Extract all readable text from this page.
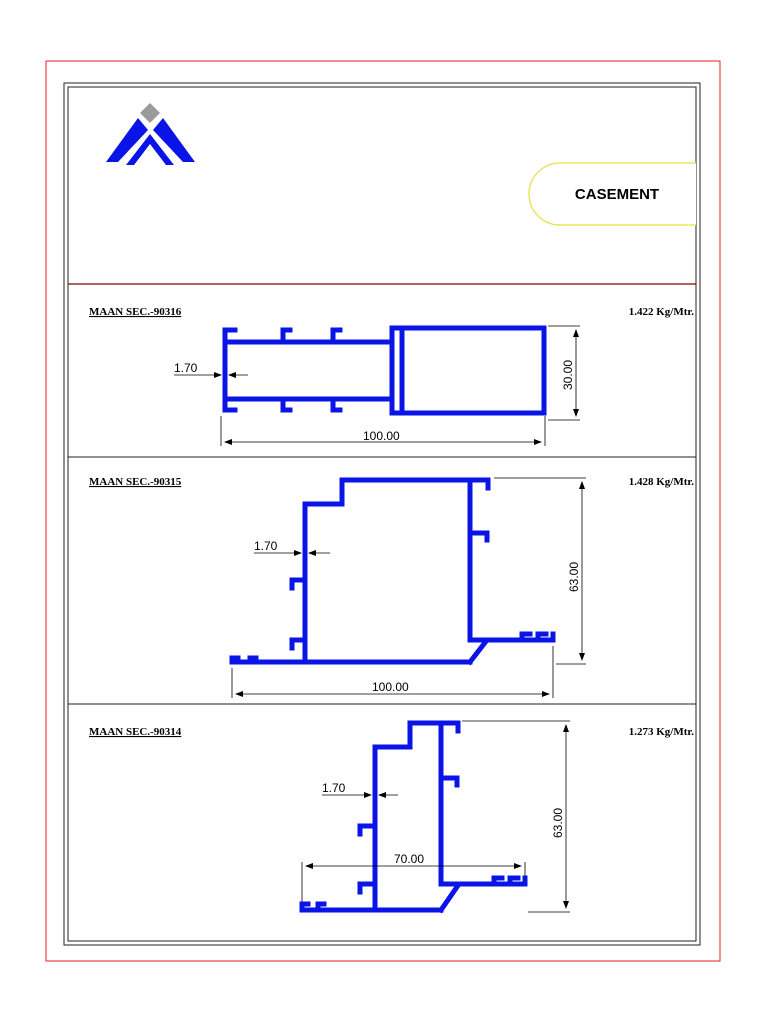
CASEMENT
MAAN SEC.-90316	1.422 Kg/Mtr.
1.70	30.00
100.00
MAAN SEC.-90315	1.428 Kg/Mtr.
1.70
63.00
100.00
MAAN SEC.-90314	1.273 Kg/Mtr.
1.70
63.00
70.00
